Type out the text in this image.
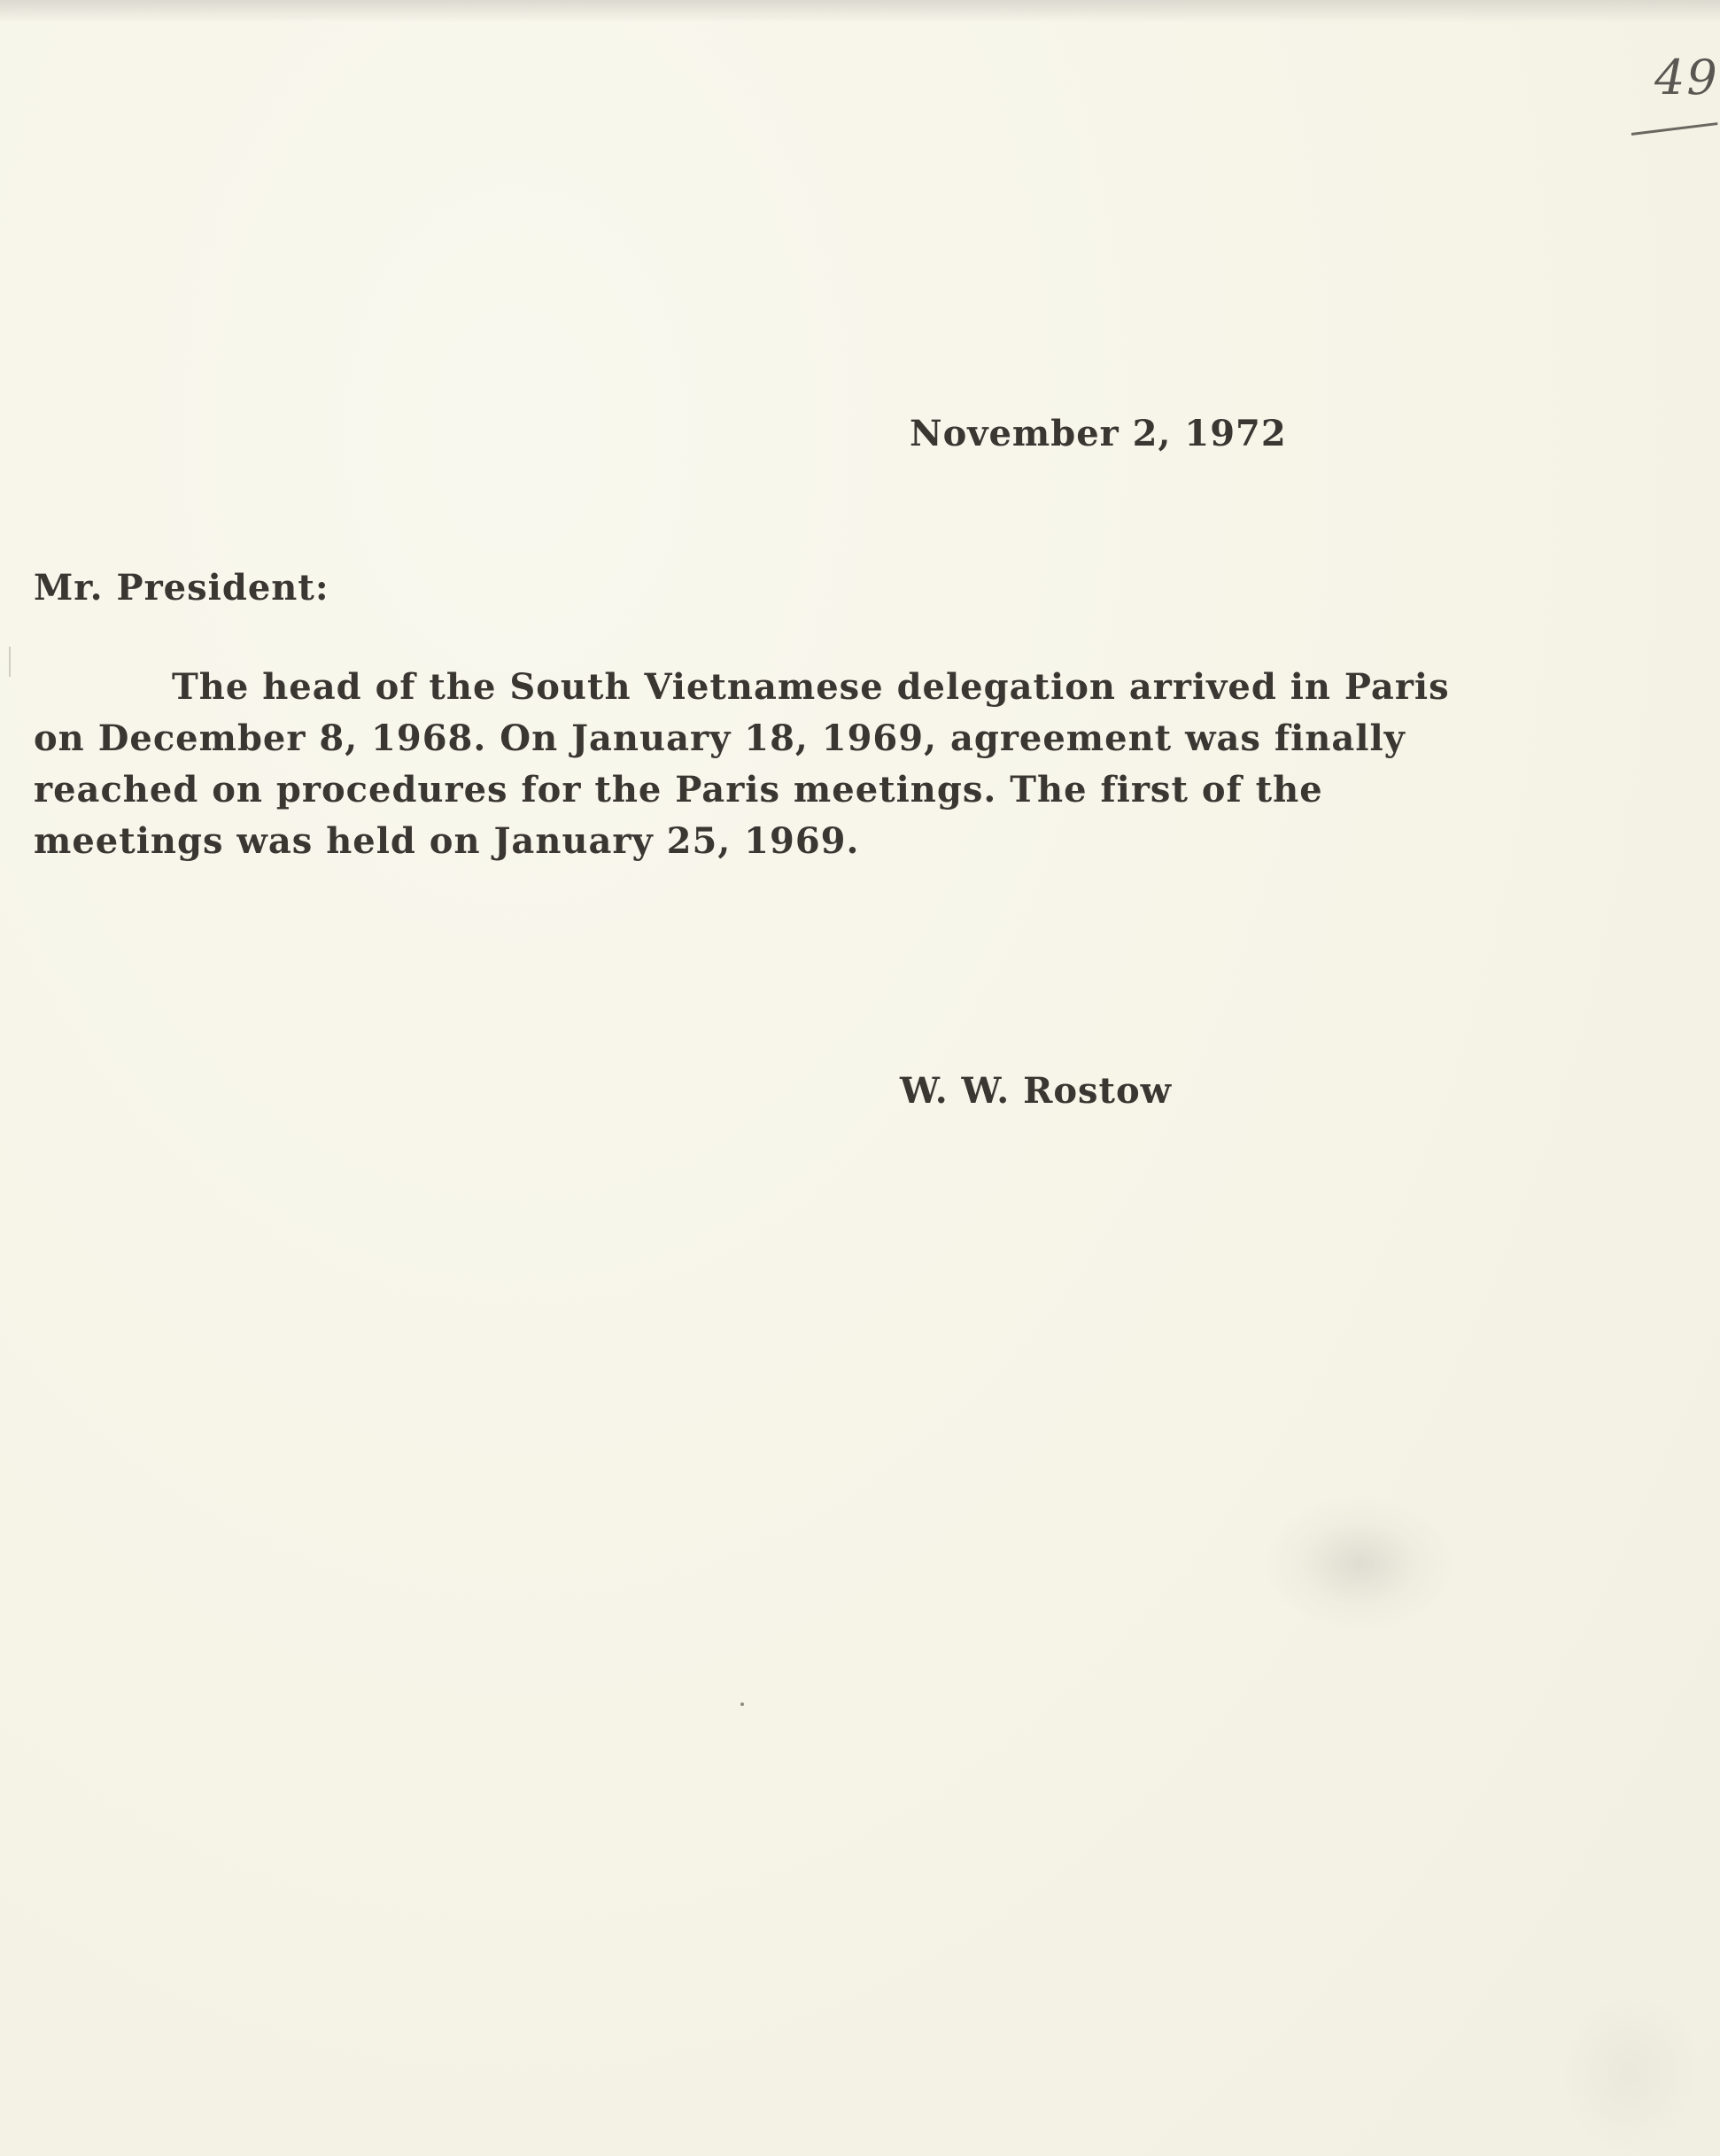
49
November 2, 1972
Mr. President:
The head of the South Vietnamese delegation arrived in Paris
on December 8, 1968. On January 18, 1969, agreement was finally
reached on procedures for the Paris meetings. The first of the
meetings was held on January 25, 1969.
W. W. Rostow
